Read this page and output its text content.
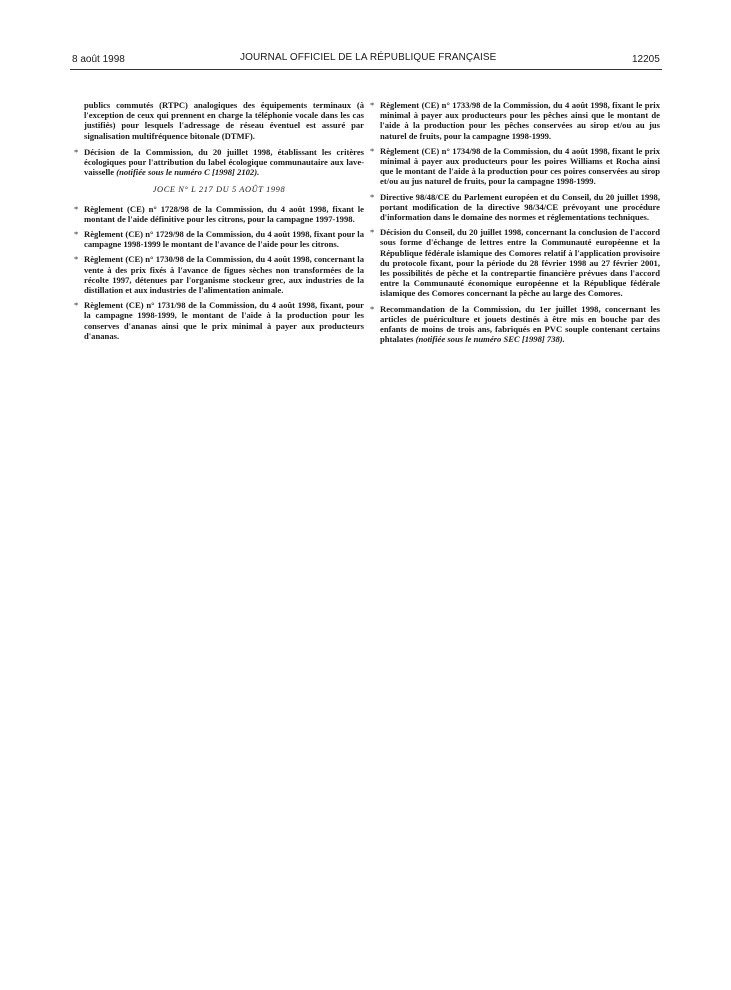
8 août 1998	JOURNAL OFFICIEL DE LA RÉPUBLIQUE FRANÇAISE	12205

publics commutés (RTPC) analogiques des équipements terminaux (à l'exception de ceux qui prennent en charge la téléphonie vocale dans les cas justifiés) pour lesquels l'adressage de réseau éventuel est assuré par signalisation multifréquence bitonale (DTMF).

* Décision de la Commission, du 20 juillet 1998, établissant les critères écologiques pour l'attribution du label écologique communautaire aux lave-vaisselle (notifiée sous le numéro C [1998] 2102).
JOCE N° L 217 DU 5 AOÛT 1998
* Règlement (CE) n° 1728/98 de la Commission, du 4 août 1998, fixant le montant de l'aide définitive pour les citrons, pour la campagne 1997-1998.
* Règlement (CE) n° 1729/98 de la Commission, du 4 août 1998, fixant pour la campagne 1998-1999 le montant de l'avance de l'aide pour les citrons.
* Règlement (CE) n° 1730/98 de la Commission, du 4 août 1998, concernant la vente à des prix fixés à l'avance de figues sèches non transformées de la récolte 1997, détenues par l'organisme stockeur grec, aux industries de la distillation et aux industries de l'alimentation animale.
* Règlement (CE) n° 1731/98 de la Commission, du 4 août 1998, fixant, pour la campagne 1998-1999, le montant de l'aide à la production pour les conserves d'ananas ainsi que le prix minimal à payer aux producteurs d'ananas.
* Règlement (CE) n° 1733/98 de la Commission, du 4 août 1998, fixant le prix minimal à payer aux producteurs pour les pêches ainsi que le montant de l'aide à la production pour les pêches conservées au sirop et/ou au jus naturel de fruits, pour la campagne 1998-1999.
* Règlement (CE) n° 1734/98 de la Commission, du 4 août 1998, fixant le prix minimal à payer aux producteurs pour les poires Williams et Rocha ainsi que le montant de l'aide à la production pour ces poires conservées au sirop et/ou au jus naturel de fruits, pour la campagne 1998-1999.
* Directive 98/48/CE du Parlement européen et du Conseil, du 20 juillet 1998, portant modification de la directive 98/34/CE prévoyant une procédure d'information dans le domaine des normes et réglementations techniques.
* Décision du Conseil, du 20 juillet 1998, concernant la conclusion de l'accord sous forme d'échange de lettres entre la Communauté européenne et la République fédérale islamique des Comores relatif à l'application provisoire du protocole fixant, pour la période du 28 février 1998 au 27 février 2001, les possibilités de pêche et la contrepartie financière prévues dans l'accord entre la Communauté économique européenne et la République fédérale islamique des Comores concernant la pêche au large des Comores.
* Recommandation de la Commission, du 1er juillet 1998, concernant les articles de puériculture et jouets destinés à être mis en bouche par des enfants de moins de trois ans, fabriqués en PVC souple contenant certains phtalates (notifiée sous le numéro SEC [1998] 738).
